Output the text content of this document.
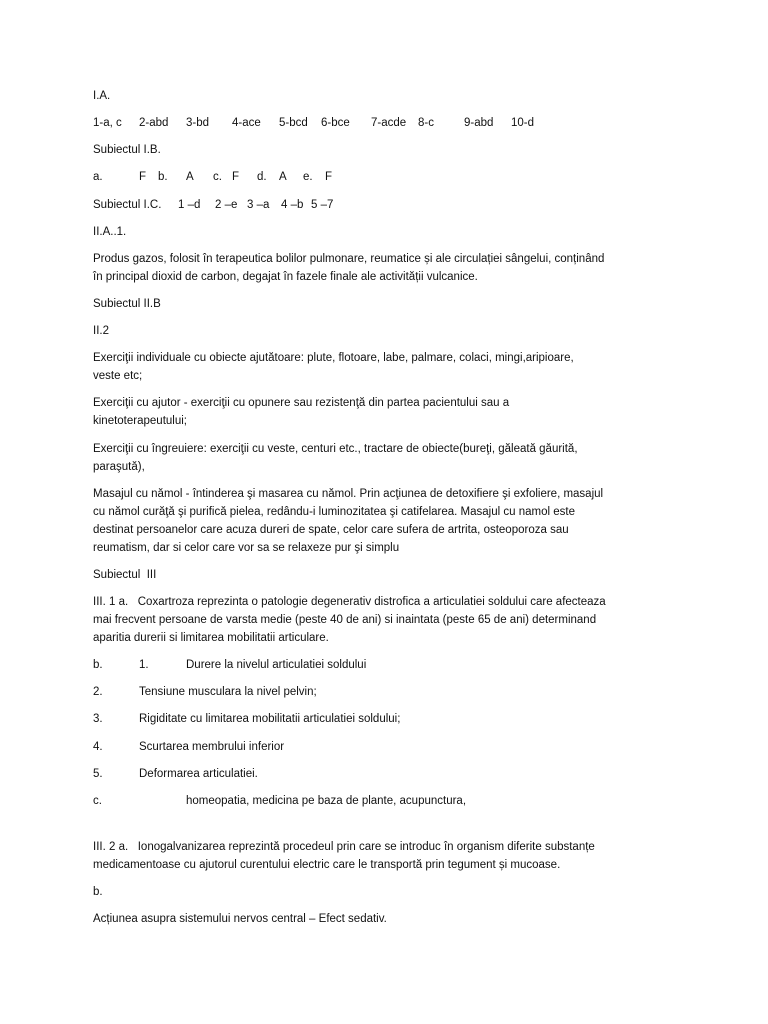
I.A.
1-a, c 2-abd 3-bd 4-ace 5-bcd 6-bce 7-acde 8-c	9-abd 10-d
Subiectul I.B.
a.	F b. A c. F d. A e. F
Subiectul I.C. 1 –d 2 –e 3 –a 4 –b 5 –7
II.A..1.
Produs gazos, folosit în terapeutica bolilor pulmonare, reumatice și ale circulației sângelui, conținând
în principal dioxid de carbon, degajat în fazele finale ale activității vulcanice.
Subiectul II.B
II.2
Exerciţii individuale cu obiecte ajutătoare: plute, flotoare, labe, palmare, colaci, mingi,aripioare,
veste etc;
Exerciţii cu ajutor - exerciţii cu opunere sau rezistenţă din partea pacientului sau a
kinetoterapeutului;
Exerciţii cu îngreuiere: exerciţii cu veste, centuri etc., tractare de obiecte(bureţi, găleată găurită,
paraşută),
Masajul cu nămol - întinderea şi masarea cu nămol. Prin acţiunea de detoxifiere şi exfoliere, masajul
cu nămol curăţă şi purifică pielea, redându-i luminozitatea şi catifelarea. Masajul cu namol este
destinat persoanelor care acuza dureri de spate, celor care sufera de artrita, osteoporoza sau
reumatism, dar si celor care vor sa se relaxeze pur şi simplu
Subiectul  III
III. 1 a.   Coxartroza reprezinta o patologie degenerativ distrofica a articulatiei soldului care afecteaza
mai frecvent persoane de varsta medie (peste 40 de ani) si inaintata (peste 65 de ani) determinand
aparitia durerii si limitarea mobilitatii articulare.
b.	1.	Durere la nivelul articulatiei soldului
2.	Tensiune musculara la nivel pelvin;
3.	Rigiditate cu limitarea mobilitatii articulatiei soldului;
4.	Scurtarea membrului inferior
5.	Deformarea articulatiei.
c.	homeopatia, medicina pe baza de plante, acupunctura,
III. 2 a.   Ionogalvanizarea reprezintă procedeul prin care se introduc în organism diferite substanțe
medicamentoase cu ajutorul curentului electric care le transportă prin tegument și mucoase.
b.
Acțiunea asupra sistemului nervos central – Efect sedativ.
